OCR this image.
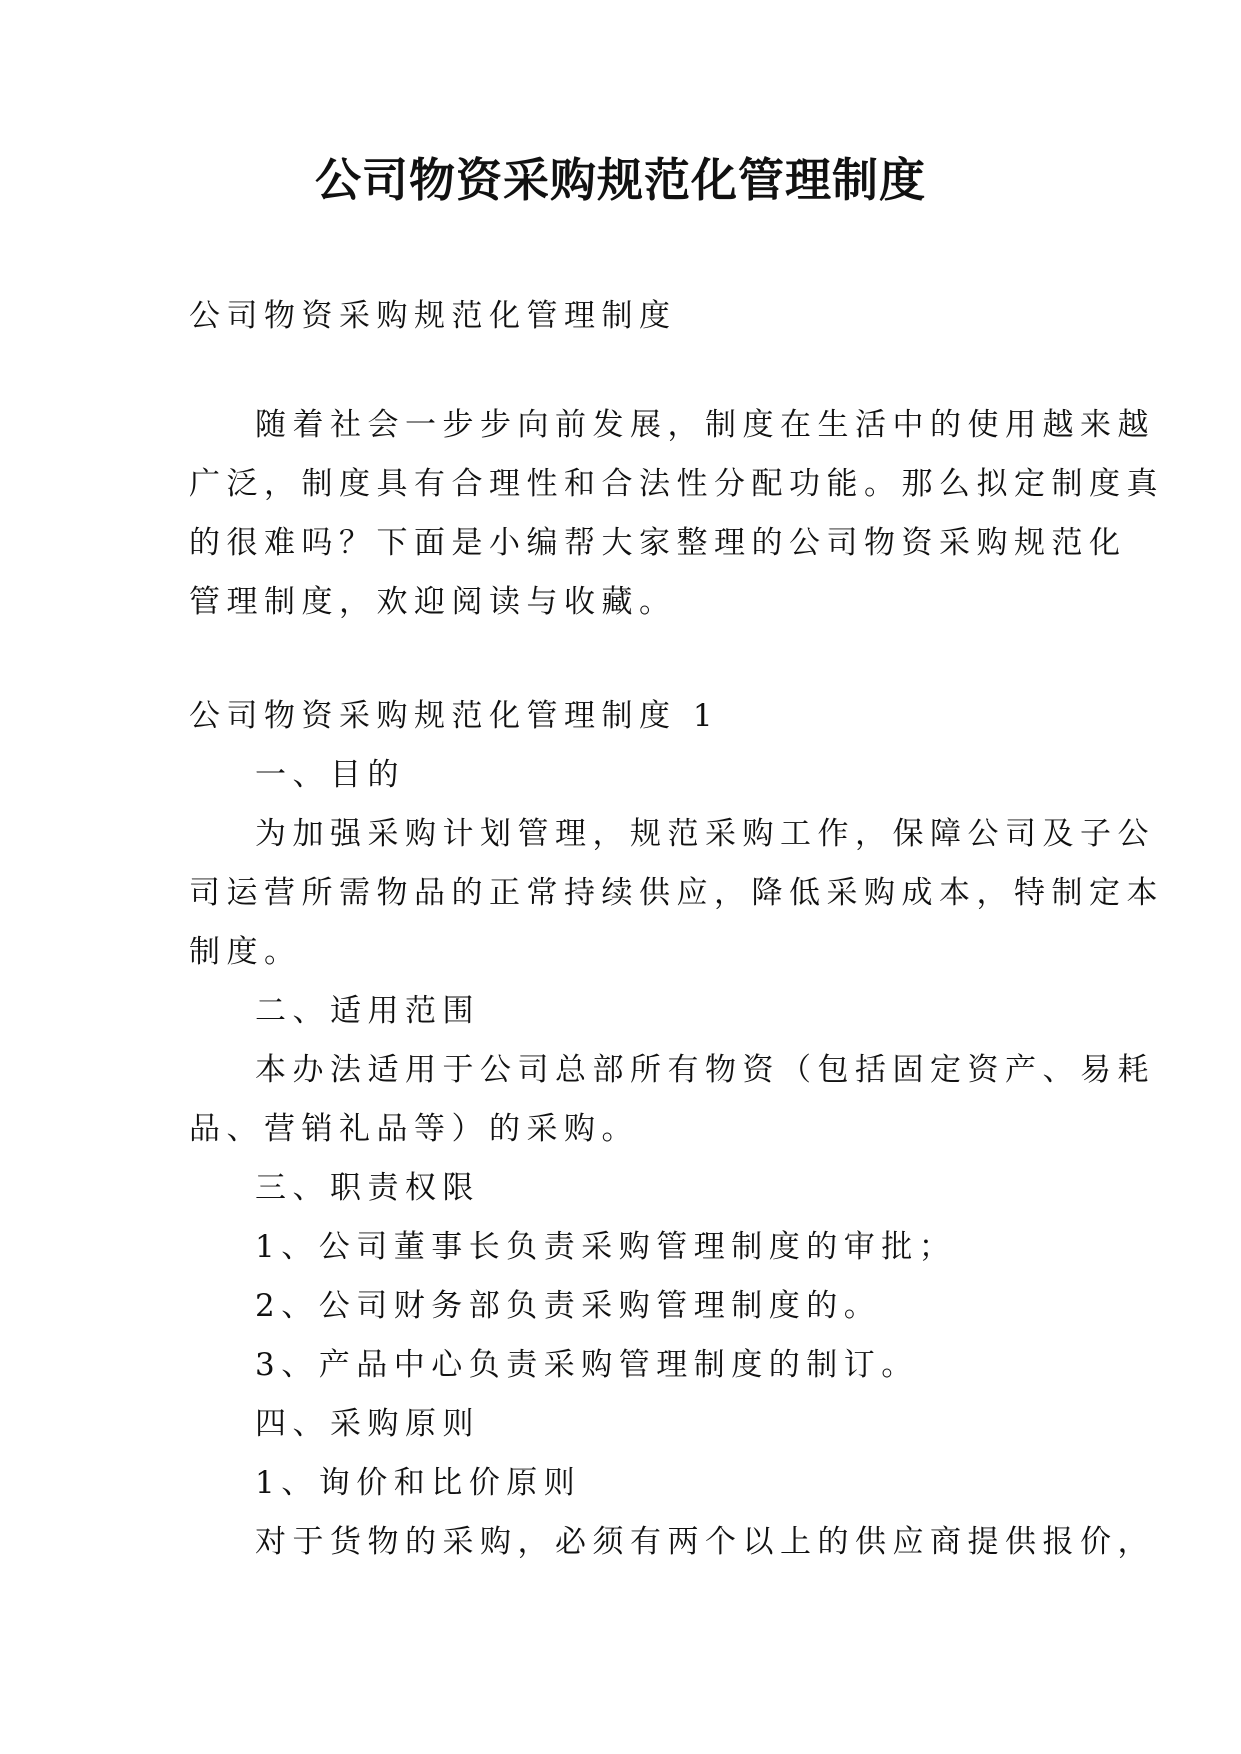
公司物资采购规范化管理制度
公司物资采购规范化管理制度
随着社会一步步向前发展，制度在生活中的使用越来越
广泛，制度具有合理性和合法性分配功能。那么拟定制度真
的很难吗？下面是小编帮大家整理的公司物资采购规范化
管理制度，欢迎阅读与收藏。
公司物资采购规范化管理制度 1
一、目的
为加强采购计划管理，规范采购工作，保障公司及子公
司运营所需物品的正常持续供应，降低采购成本，特制定本
制度。
二、适用范围
本办法适用于公司总部所有物资（包括固定资产、易耗
品、营销礼品等）的采购。
三、职责权限
1、公司董事长负责采购管理制度的审批；
2、公司财务部负责采购管理制度的。
3、产品中心负责采购管理制度的制订。
四、采购原则
1、询价和比价原则
对于货物的采购，必须有两个以上的供应商提供报价，
